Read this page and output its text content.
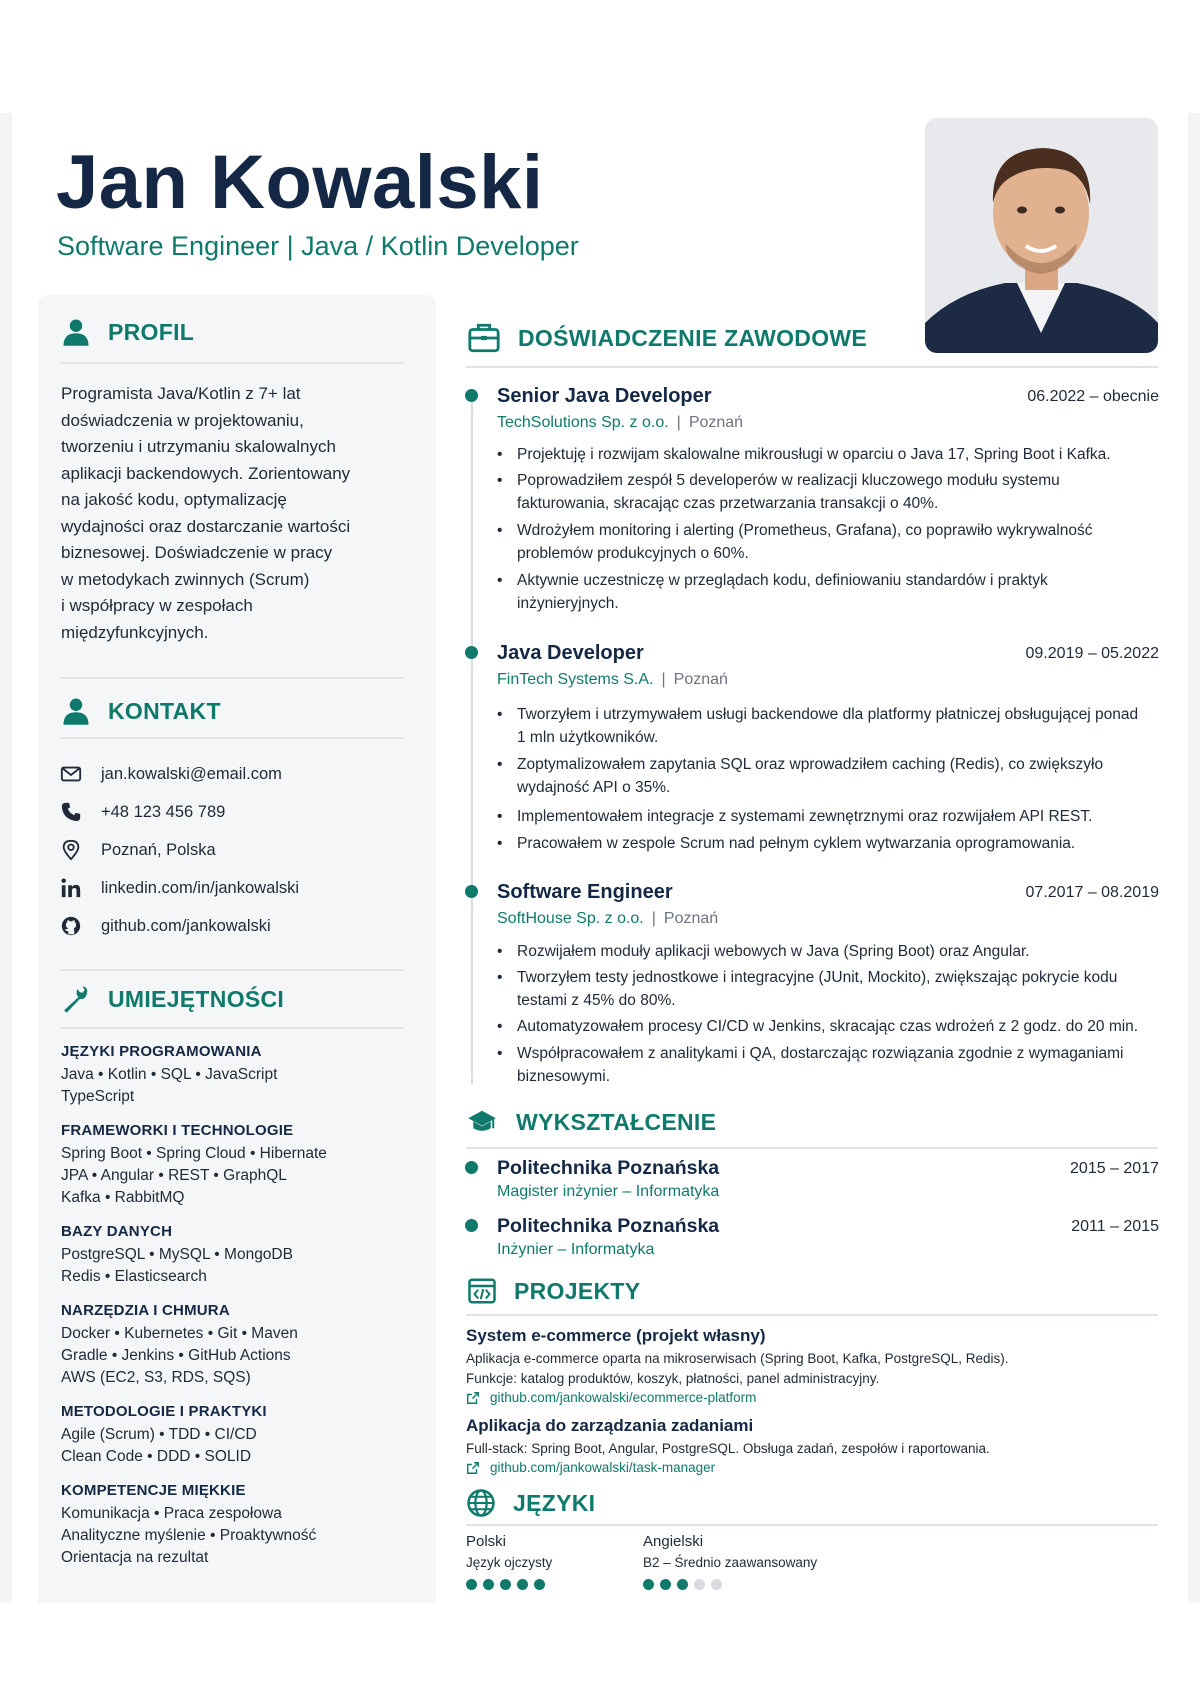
Jan Kowalski
Software Engineer | Java / Kotlin Developer
PROFIL
Programista Java/Kotlin z 7+ lat
doświadczenia w projektowaniu,
tworzeniu i utrzymaniu skalowalnych
aplikacji backendowych. Zorientowany
na jakość kodu, optymalizację
wydajności oraz dostarczanie wartości
biznesowej. Doświadczenie w pracy
w metodykach zwinnych (Scrum)
i współpracy w zespołach
międzyfunkcyjnych.
KONTAKT
jan.kowalski@email.com
+48 123 456 789
Poznań, Polska
linkedin.com/in/jankowalski
github.com/jankowalski
UMIEJĘTNOŚCI
JĘZYKI PROGRAMOWANIA
Java • Kotlin • SQL • JavaScript
TypeScript
FRAMEWORKI I TECHNOLOGIE
Spring Boot • Spring Cloud • Hibernate
JPA • Angular • REST • GraphQL
Kafka • RabbitMQ
BAZY DANYCH
PostgreSQL • MySQL • MongoDB
Redis • Elasticsearch
NARZĘDZIA I CHMURA
Docker • Kubernetes • Git • Maven
Gradle • Jenkins • GitHub Actions
AWS (EC2, S3, RDS, SQS)
METODOLOGIE I PRAKTYKI
Agile (Scrum) • TDD • CI/CD
Clean Code • DDD • SOLID
KOMPETENCJE MIĘKKIE
Komunikacja • Praca zespołowa
Analityczne myślenie • Proaktywność
Orientacja na rezultat
DOŚWIADCZENIE ZAWODOWE
Senior Java Developer	06.2022 – obecnie
TechSolutions Sp. z o.o. | Poznań
• Projektuję i rozwijam skalowalne mikrousługi w oparciu o Java 17, Spring Boot i Kafka.
• Poprowadziłem zespół 5 developerów w realizacji kluczowego modułu systemu fakturowania, skracając czas przetwarzania transakcji o 40%.
• Wdrożyłem monitoring i alerting (Prometheus, Grafana), co poprawiło wykrywalność problemów produkcyjnych o 60%.
• Aktywnie uczestniczę w przeglądach kodu, definiowaniu standardów i praktyk inżynieryjnych.
Java Developer	09.2019 – 05.2022
FinTech Systems S.A. | Poznań
• Tworzyłem i utrzymywałem usługi backendowe dla platformy płatniczej obsługującej ponad 1 mln użytkowników.
• Zoptymalizowałem zapytania SQL oraz wprowadziłem caching (Redis), co zwiększyło wydajność API o 35%.
• Implementowałem integracje z systemami zewnętrznymi oraz rozwijałem API REST.
• Pracowałem w zespole Scrum nad pełnym cyklem wytwarzania oprogramowania.
Software Engineer	07.2017 – 08.2019
SoftHouse Sp. z o.o. | Poznań
• Rozwijałem moduły aplikacji webowych w Java (Spring Boot) oraz Angular.
• Tworzyłem testy jednostkowe i integracyjne (JUnit, Mockito), zwiększając pokrycie kodu testami z 45% do 80%.
• Automatyzowałem procesy CI/CD w Jenkins, skracając czas wdrożeń z 2 godz. do 20 min.
• Współpracowałem z analitykami i QA, dostarczając rozwiązania zgodnie z wymaganiami biznesowymi.
WYKSZTAŁCENIE
Politechnika Poznańska	2015 – 2017
Magister inżynier – Informatyka
Politechnika Poznańska	2011 – 2015
Inżynier – Informatyka
PROJEKTY
System e-commerce (projekt własny)
Aplikacja e-commerce oparta na mikroserwisach (Spring Boot, Kafka, PostgreSQL, Redis).
Funkcje: katalog produktów, koszyk, płatności, panel administracyjny.
github.com/jankowalski/ecommerce-platform
Aplikacja do zarządzania zadaniami
Full-stack: Spring Boot, Angular, PostgreSQL. Obsługa zadań, zespołów i raportowania.
github.com/jankowalski/task-manager
JĘZYKI
Polski
Język ojczysty
Angielski
B2 – Średnio zaawansowany
